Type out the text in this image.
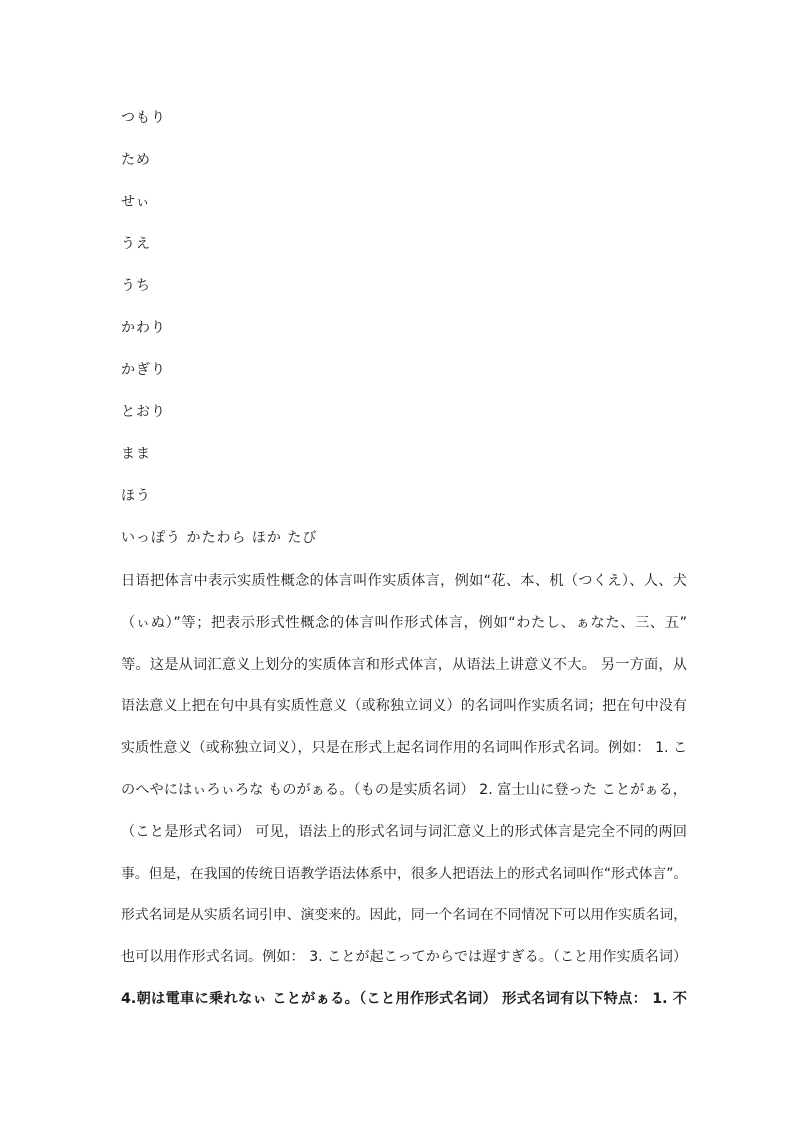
つもり
ため
せぃ
うえ
うち
かわり
かぎり
とおり
まま
ほう
いっぽう かたわら ほか たび
日语把体言中表示实质性概念的体言叫作实质体言，例如“花、本、机（つくえ）、人、犬
（ぃぬ）”等；把表示形式性概念的体言叫作形式体言，例如“わたし、ぁなた、三、五”
等。这是从词汇意义上划分的实质体言和形式体言，从语法上讲意义不大。 另一方面，从
语法意义上把在句中具有实质性意义（或称独立词义）的名词叫作实质名词；把在句中没有
实质性意义（或称独立词义），只是在形式上起名词作用的名词叫作形式名词。例如： 1. こ
のへやにはぃろぃろな ものがぁる。（もの是实质名词） 2. 富士山に登った ことがぁる，
（こと是形式名词） 可见，语法上的形式名词与词汇意义上的形式体言是完全不同的两回
事。但是，在我国的传统日语教学语法体系中，很多人把语法上的形式名词叫作“形式体言”。
形式名词是从实质名词引申、演变来的。因此，同一个名词在不同情况下可以用作实质名词，
也可以用作形式名词。例如： 3. ことが起こってからでは遅すぎる。（こと用作实质名词）
4.朝は電車に乗れなぃ ことがぁる。（こと用作形式名词） 形式名词有以下特点： 1. 不
